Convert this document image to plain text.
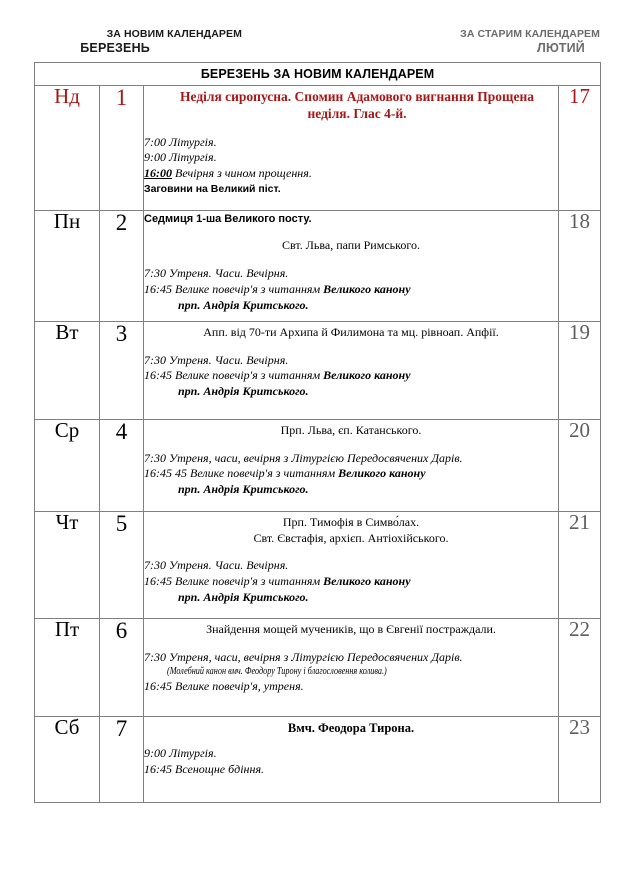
ЗА НОВИМ КАЛЕНДАРЕМ
БЕРЕЗЕНЬ
ЗА СТАРИМ КАЛЕНДАРЕМ
ЛЮТИЙ
БЕРЕЗЕНЬ ЗА НОВИМ КАЛЕНДАРЕМ			
Нд	1	Неділя сиропусна. Спомин Адамового вигнання Прощена неділя. Глас 4-й.
7:00 Літургія.
9:00 Літургія.
16:00 Вечірня з чином прощення.
Заговини на Великий піст.	17
Пн	2	Седмиця 1-ша Великого посту.
Свт. Льва, папи Римського.
7:30 Утреня. Часи. Вечірня.
16:45 Велике повечір'я з читанням Великого канону
прп. Андрія Критського.	18
Вт	3	Апп. від 70-ти Архипа й Филимона та мц. рівноап. Апфії.
7:30 Утреня. Часи. Вечірня.
16:45 Велике повечір'я з читанням Великого канону
прп. Андрія Критського.	19
Ср	4	Прп. Льва, єп. Катанського.
7:30 Утреня, часи, вечірня з Літургією Передосвячених Дарів.
16:45 45 Велике повечір'я з читанням Великого канону
прп. Андрія Критського.	20
Чт	5	Прп. Тимофія в Симво́лах.
Свт. Євстафія, архієп. Антіохійського.
7:30 Утреня. Часи. Вечірня.
16:45 Велике повечір'я з читанням Великого канону
прп. Андрія Критського.	21
Пт	6	Знайдення мощей мучеників, що в Євгенії постраждали.
7:30 Утреня, часи, вечірня з Літургією Передосвячених Дарів.
(Молебний канон вмч. Феодору Тирону і благословення колива.)
16:45 Велике повечір'я, утреня.	22
Сб	7	Вмч. Феодора Тирона.
9:00 Літургія.
16:45 Всенощне бдіння.	23
